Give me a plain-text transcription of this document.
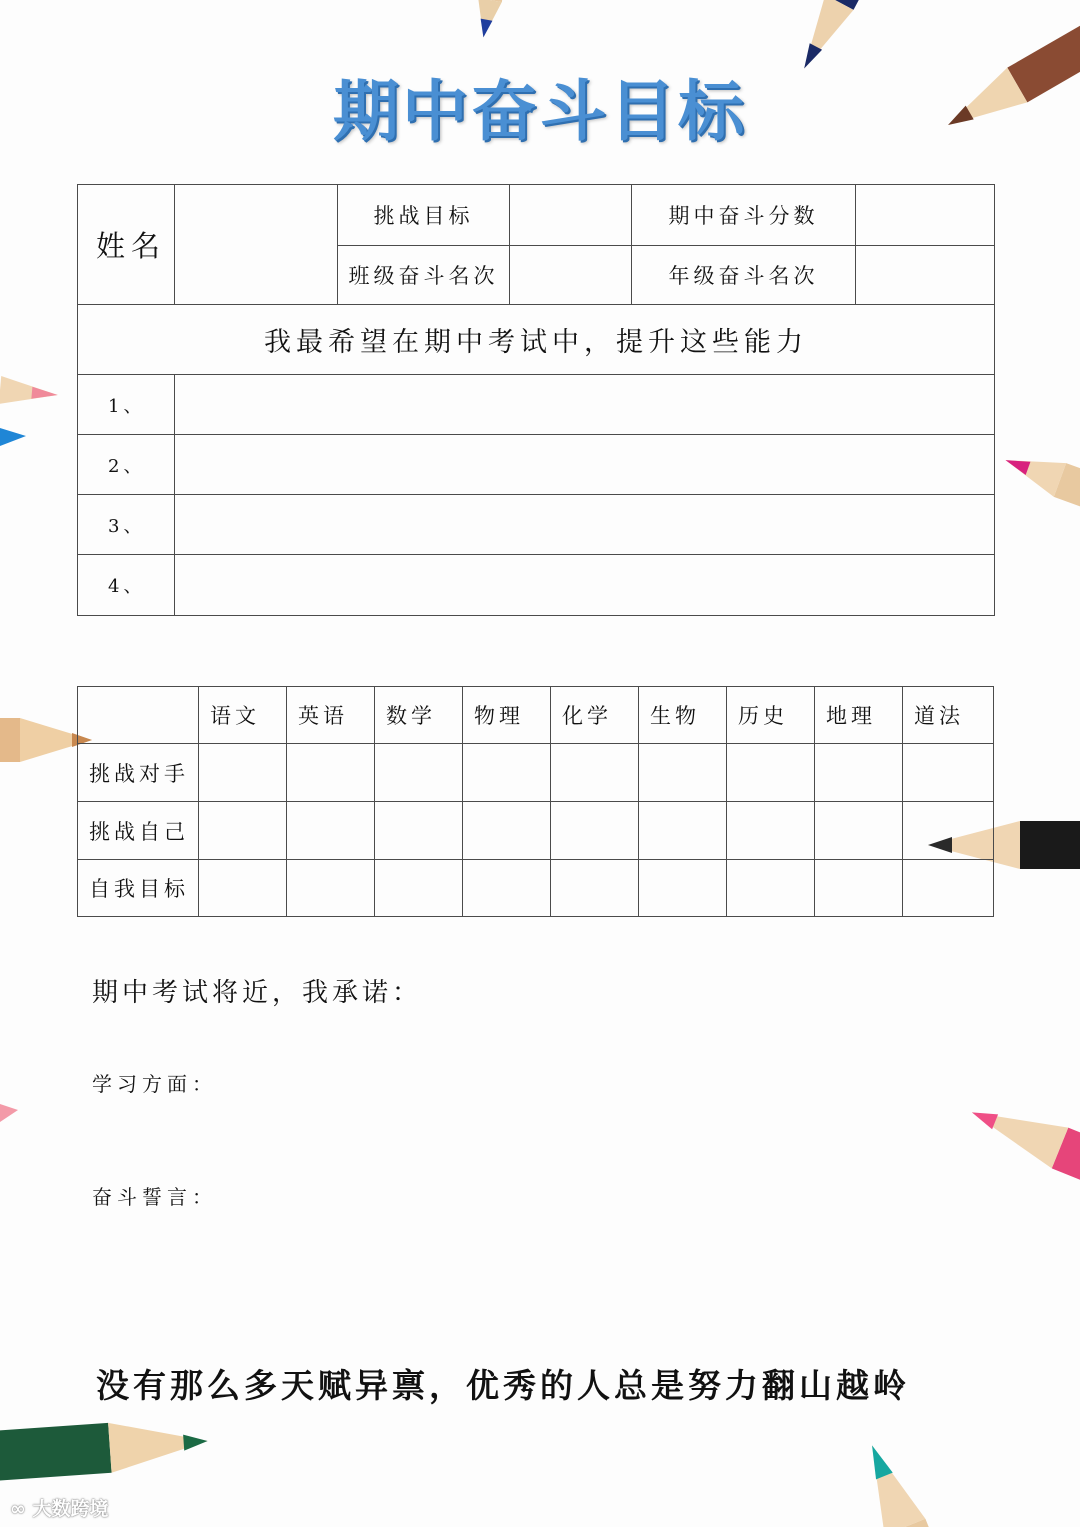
期中奋斗目标
姓名		挑战目标		期中奋斗分数	
		班级奋斗名次		年级奋斗名次	
我最希望在期中考试中，提升这些能力					
1、					
2、					
3、					
4、					
	语文	英语	数学	物理	化学	生物	历史	地理	道法
挑战对手									
挑战自己									
自我目标									
期中考试将近，我承诺：
学习方面：
奋斗誓言：
没有那么多天赋异禀，优秀的人总是努力翻山越岭
∞ 大数跨境
